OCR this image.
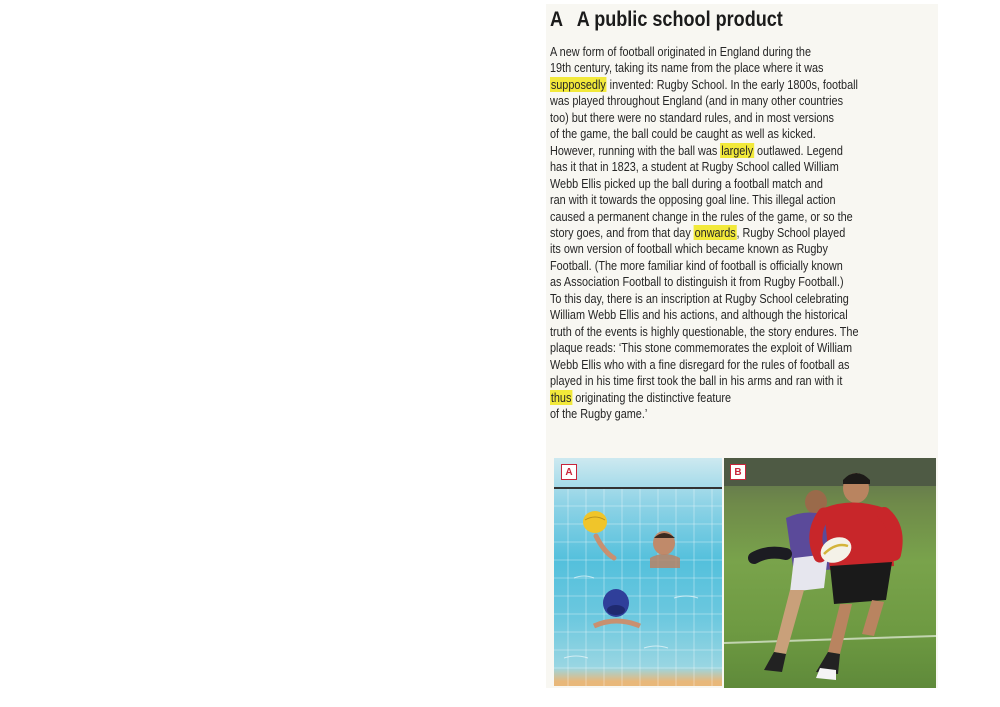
A A public school product
A new form of football originated in England during the
19th century, taking its name from the place where it was
supposedly invented: Rugby School. In the early 1800s, football
was played throughout England (and in many other countries
too) but there were no standard rules, and in most versions
of the game, the ball could be caught as well as kicked.
However, running with the ball was largely outlawed. Legend
has it that in 1823, a student at Rugby School called William
Webb Ellis picked up the ball during a football match and
ran with it towards the opposing goal line. This illegal action
caused a permanent change in the rules of the game, or so the
story goes, and from that day onwards, Rugby School played
its own version of football which became known as Rugby
Football. (The more familiar kind of football is officially known
as Association Football to distinguish it from Rugby Football.)
To this day, there is an inscription at Rugby School celebrating
William Webb Ellis and his actions, and although the historical
truth of the events is highly questionable, the story endures. The
plaque reads: ‘This stone commemorates the exploit of William
Webb Ellis who with a fine disregard for the rules of football as
played in his time first took the ball in his arms and ran with it
thus originating the distinctive feature
of the Rugby game.’
A	B
